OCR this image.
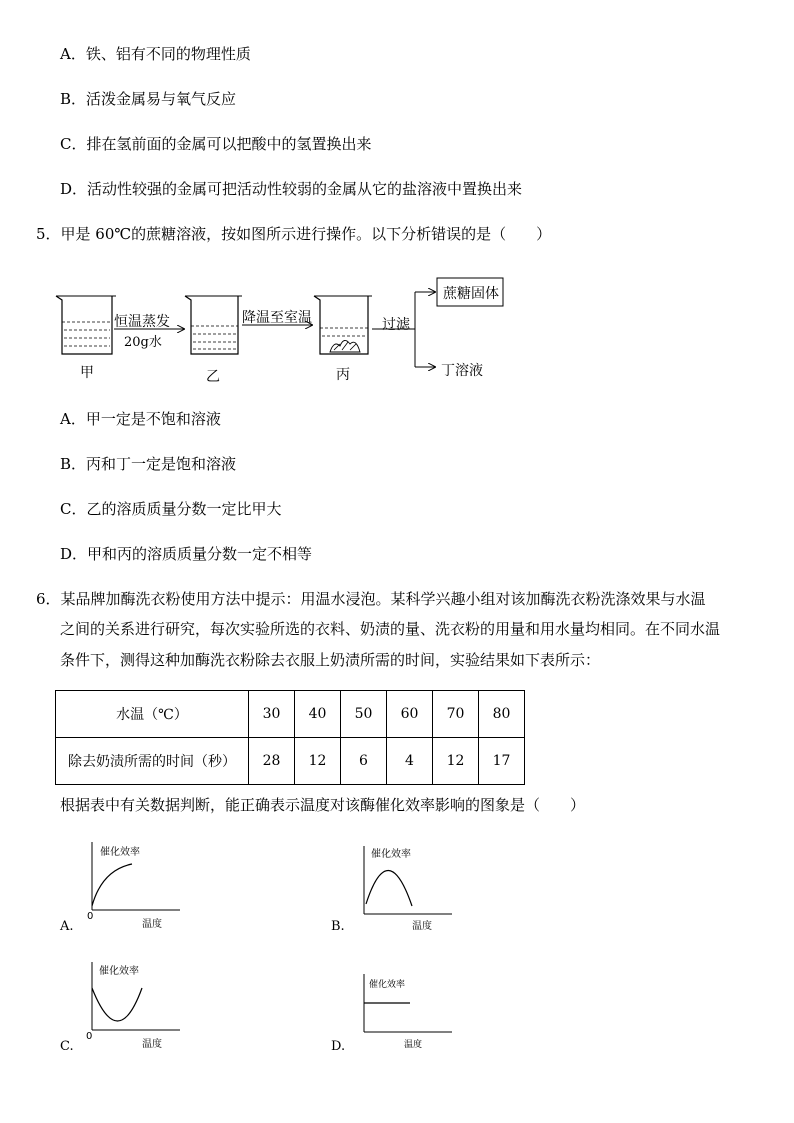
A．铁、铝有不同的物理性质
B．活泼金属易与氧气反应
C．排在氢前面的金属可以把酸中的氢置换出来
D．活动性较强的金属可把活动性较弱的金属从它的盐溶液中置换出来
5．甲是 60℃的蔗糖溶液，按如图所示进行操作。以下分析错误的是（　　）
恒温蒸发
20g水
降温至室温	过滤
蔗糖固体
丁溶液
甲	乙	丙
A．甲一定是不饱和溶液
B．丙和丁一定是饱和溶液
C．乙的溶质质量分数一定比甲大
D．甲和丙的溶质质量分数一定不相等
6．某品牌加酶洗衣粉使用方法中提示：用温水浸泡。某科学兴趣小组对该加酶洗衣粉洗涤效果与水温
之间的关系进行研究，每次实验所选的衣料、奶渍的量、洗衣粉的用量和用水量均相同。在不同水温
条件下，测得这种加酶洗衣粉除去衣服上奶渍所需的时间，实验结果如下表所示：
水温（℃）	30	40	50	60	70	80
除去奶渍所需的时间（秒）	28	12	6	4	12	17
根据表中有关数据判断，能正确表示温度对该酶催化效率影响的图象是（　　）
催化效率
温度
0
A.
催化效率
温度
B.
催化效率
温度
0
C.
催化效率
温度
D.
